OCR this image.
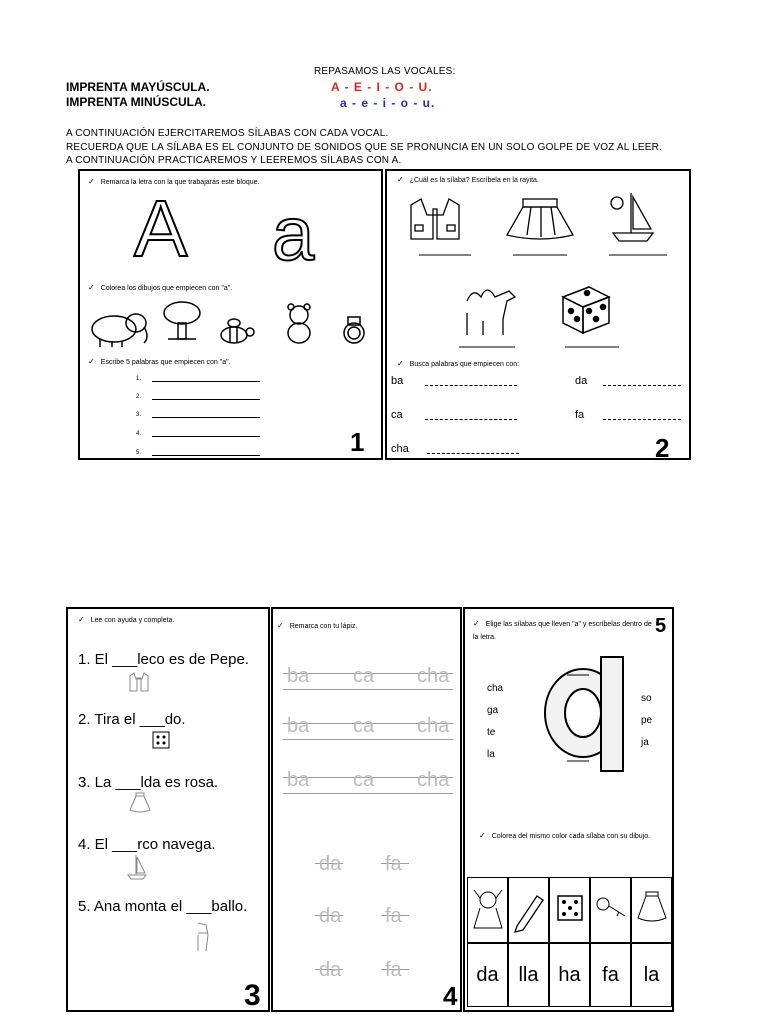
REPASAMOS LAS VOCALES:
IMPRENTA MAYÚSCULA.
IMPRENTA MINÚSCULA.
A - E - I - O - U.
a - e - i - o - u.
A CONTINUACIÓN EJERCITAREMOS SÍLABAS CON CADA VOCAL.
RECUERDA QUE LA SÍLABA ES EL CONJUNTO DE SONIDOS QUE SE PRONUNCIA EN UN SOLO GOLPE DE VOZ AL LEER.
A CONTINUACIÓN PRACTICAREMOS Y LEEREMOS SÍLABAS CON A.
✓ Remarca la letra con la que trabajarás este bloque.
A a
✓ Colorea los dibujos que empiecen con "a".
✓ Escribe 5 palabras que empiecen con "a".
1.
2.
3.
4.
5.	1
✓ ¿Cuál es la sílaba? Escríbela en la rayita.
✓ Busca palabras que empiecen con:
ba	da
ca	fa
cha	2
✓ Lee con ayuda y completa.
1. El ___leco es de Pepe.
2. Tira el ___do.
3. La ___lda es rosa.
4. El ___rco navega.
5. Ana monta el ___ballo.
3
✓ Remarca con tu lápiz.
ba ca cha
ba ca cha
ba ca cha
da fa
da fa
da fa
4
✓ Elige las sílabas que lleven "a" y escríbelas dentro de la letra.
5
cha
ga
te
la
so
pe
ja
✓ Colorea del mismo color cada sílaba con su dibujo.
da lla ha	fa	la
